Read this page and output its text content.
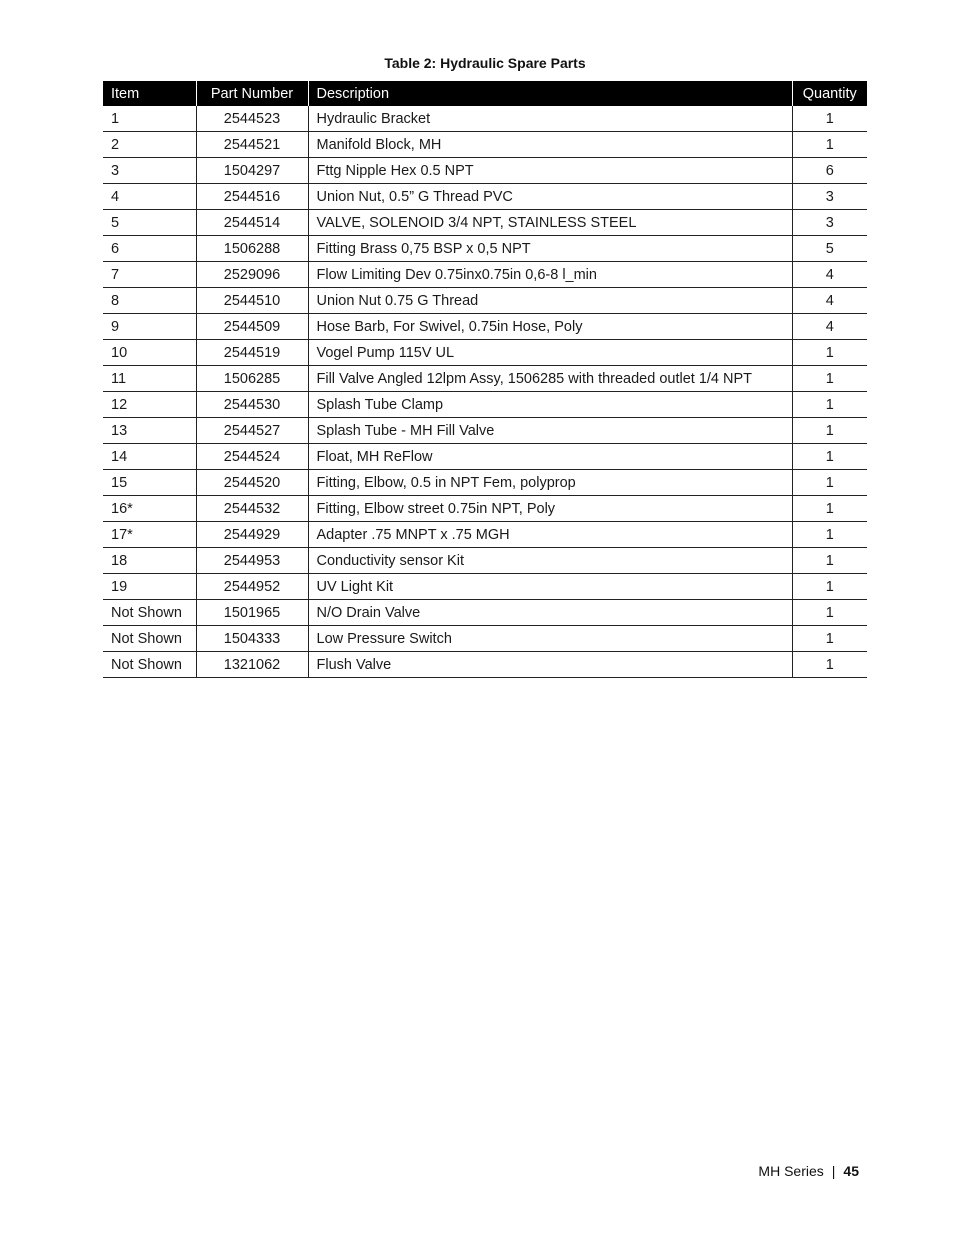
Table 2: Hydraulic Spare Parts
Item	Part Number	Description	Quantity
1	2544523	Hydraulic Bracket	1
2	2544521	Manifold Block, MH	1
3	1504297	Fttg Nipple Hex 0.5 NPT	6
4	2544516	Union Nut, 0.5” G Thread PVC	3
5	2544514	VALVE, SOLENOID 3/4 NPT, STAINLESS STEEL	3
6	1506288	Fitting Brass 0,75 BSP x 0,5 NPT	5
7	2529096	Flow Limiting Dev 0.75inx0.75in 0,6-8 l_min	4
8	2544510	Union Nut 0.75 G Thread	4
9	2544509	Hose Barb, For Swivel, 0.75in Hose, Poly	4
10	2544519	Vogel Pump 115V UL	1
11	1506285	Fill Valve Angled 12lpm Assy, 1506285 with threaded outlet 1/4 NPT	1
12	2544530	Splash Tube Clamp	1
13	2544527	Splash Tube - MH Fill Valve	1
14	2544524	Float, MH ReFlow	1
15	2544520	Fitting, Elbow, 0.5 in NPT Fem, polyprop	1
16*	2544532	Fitting, Elbow street 0.75in NPT, Poly	1
17*	2544929	Adapter .75 MNPT x .75 MGH	1
18	2544953	Conductivity sensor Kit	1
19	2544952	UV Light Kit	1
Not Shown	1501965	N/O Drain Valve	1
Not Shown	1504333	Low Pressure Switch	1
Not Shown	1321062	Flush Valve	1
MH Series | 45
